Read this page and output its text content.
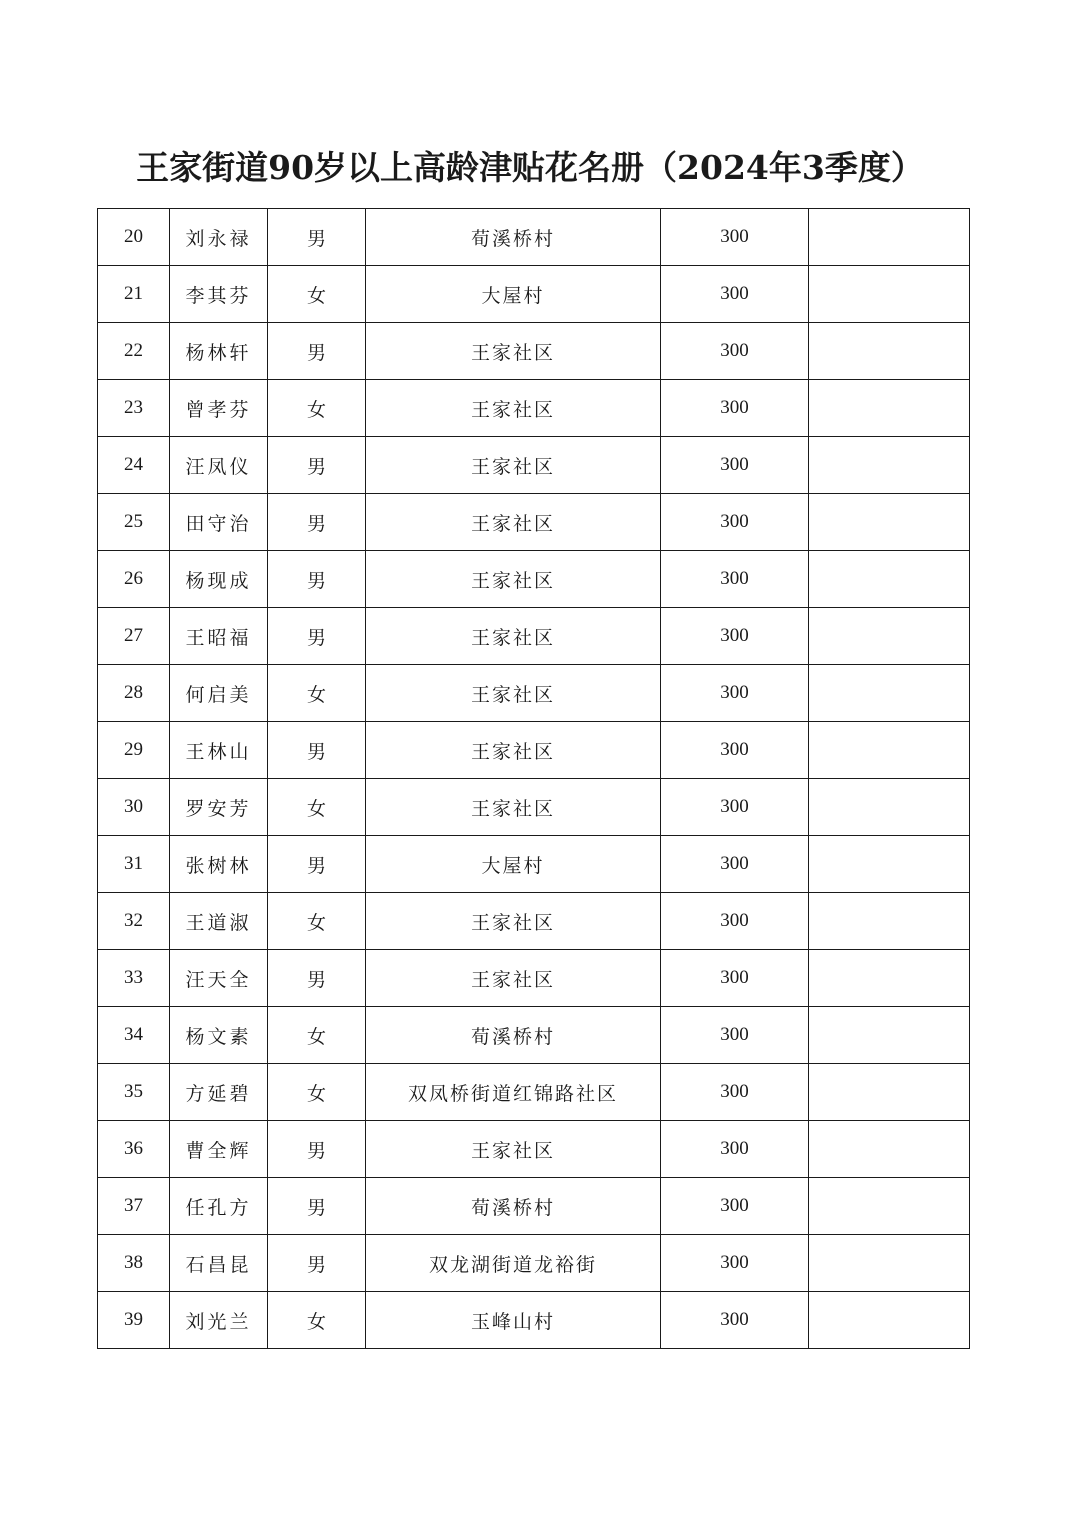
王家街道90岁以上高龄津贴花名册（2024年3季度）
20	刘永禄	男	荀溪桥村	300	
21	李其芬	女	大屋村	300	
22	杨林轩	男	王家社区	300	
23	曾孝芬	女	王家社区	300	
24	汪凤仪	男	王家社区	300	
25	田守治	男	王家社区	300	
26	杨现成	男	王家社区	300	
27	王昭福	男	王家社区	300	
28	何启美	女	王家社区	300	
29	王林山	男	王家社区	300	
30	罗安芳	女	王家社区	300	
31	张树林	男	大屋村	300	
32	王道淑	女	王家社区	300	
33	汪天全	男	王家社区	300	
34	杨文素	女	荀溪桥村	300	
35	方延碧	女	双凤桥街道红锦路社区	300	
36	曹全辉	男	王家社区	300	
37	任孔方	男	荀溪桥村	300	
38	石昌昆	男	双龙湖街道龙裕街	300	
39	刘光兰	女	玉峰山村	300	
